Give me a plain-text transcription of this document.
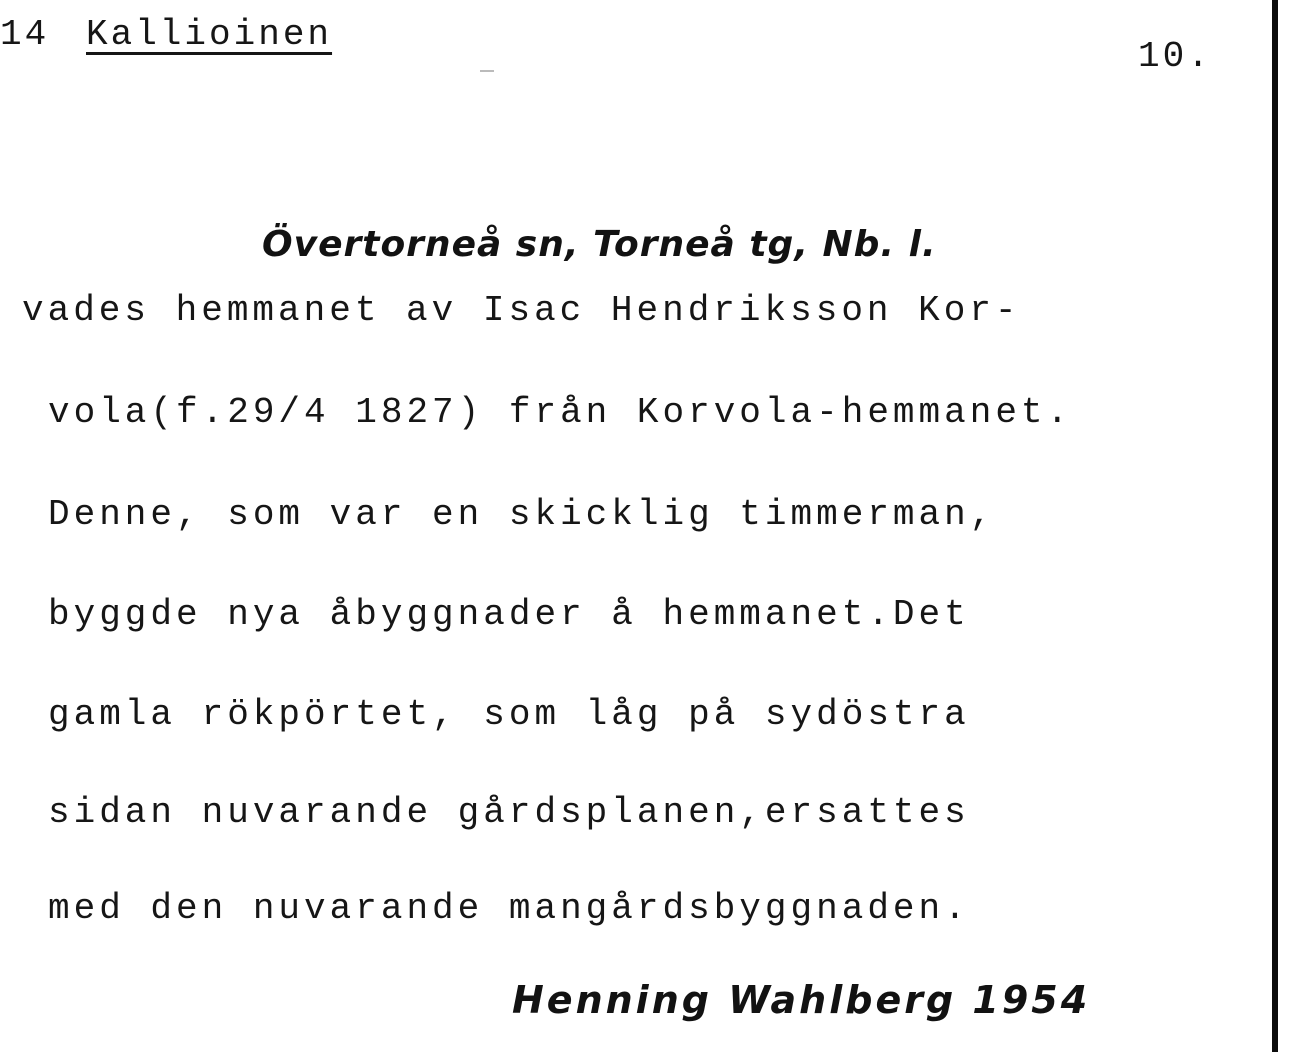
14 Kallioinen
10.
Övertorneå sn, Torneå tg, Nb. l.
vades hemmanet av Isac Hendriksson Kor-
vola(f.29/4 1827) från Korvola-hemmanet.
Denne, som var en skicklig timmerman,
byggde nya åbyggnader å hemmanet.Det
gamla rökpörtet, som låg på sydöstra
sidan nuvarande gårdsplanen,ersattes
med den nuvarande mangårdsbyggnaden.
Henning Wahlberg 1954
